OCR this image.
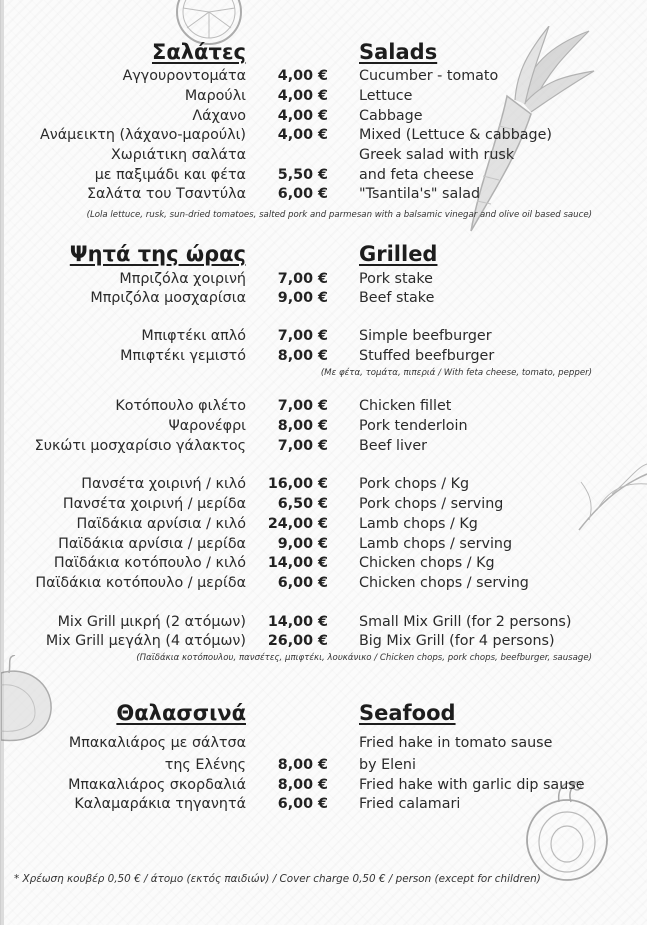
Σαλάτες	Salads
Αγγουροντομάτα 4,00 € Cucumber - tomato
Μαρούλι 4,00 € Lettuce
Λάχανο 4,00 € Cabbage
Ανάμεικτη (λάχανο-μαρούλι) 4,00 € Mixed (Lettuce & cabbage)
Χωριάτικη σαλάτα	Greek salad with rusk
με παξιμάδι και φέτα 5,50 € and feta cheese
Σαλάτα του Τσαντύλα 6,00 € "Tsantila's" salad
(Lola lettuce, rusk, sun-dried tomatoes, salted pork and parmesan with a balsamic vinegar and olive oil based sauce)
Ψητά της ώρας	Grilled
Μπριζόλα χοιρινή 7,00 € Pork stake
Μπριζόλα μοσχαρίσια 9,00 € Beef stake
Μπιφτέκι απλό 7,00 € Simple beefburger
Μπιφτέκι γεμιστό 8,00 € Stuffed beefburger
(Με φέτα, τομάτα, πιπεριά / With feta cheese, tomato, pepper)
Κοτόπουλο φιλέτο 7,00 € Chicken fillet
Ψαρονέφρι 8,00 € Pork tenderloin
Συκώτι μοσχαρίσιο γάλακτος 7,00 € Beef liver
Πανσέτα χοιρινή / κιλό 16,00 € Pork chops / Kg
Πανσέτα χοιρινή / μερίδα 6,50 € Pork chops / serving
Παϊδάκια αρνίσια / κιλό 24,00 € Lamb chops / Kg
Παϊδάκια αρνίσια / μερίδα 9,00 € Lamb chops / serving
Παϊδάκια κοτόπουλο / κιλό 14,00 € Chicken chops / Kg
Παϊδάκια κοτόπουλο / μερίδα 6,00 € Chicken chops / serving
Mix Grill μικρή (2 ατόμων) 14,00 € Small Mix Grill (for 2 persons)
Mix Grill μεγάλη (4 ατόμων) 26,00 € Big Mix Grill (for 4 persons)
(Παϊδάκια κοτόπουλου, πανσέτες, μπιφτέκι, λουκάνικο / Chicken chops, pork chops, beefburger, sausage)
Θαλασσινά	Seafood
Μπακαλιάρος με σάλτσα	Fried hake in tomato sause
της Ελένης 8,00 € by Eleni
Μπακαλιάρος σκορδαλιά 8,00 € Fried hake with garlic dip sause
Καλαμαράκια τηγανητά 6,00 € Fried calamari
* Χρέωση κουβέρ 0,50 € / άτομο (εκτός παιδιών) / Cover charge 0,50 € / person (except for children)
